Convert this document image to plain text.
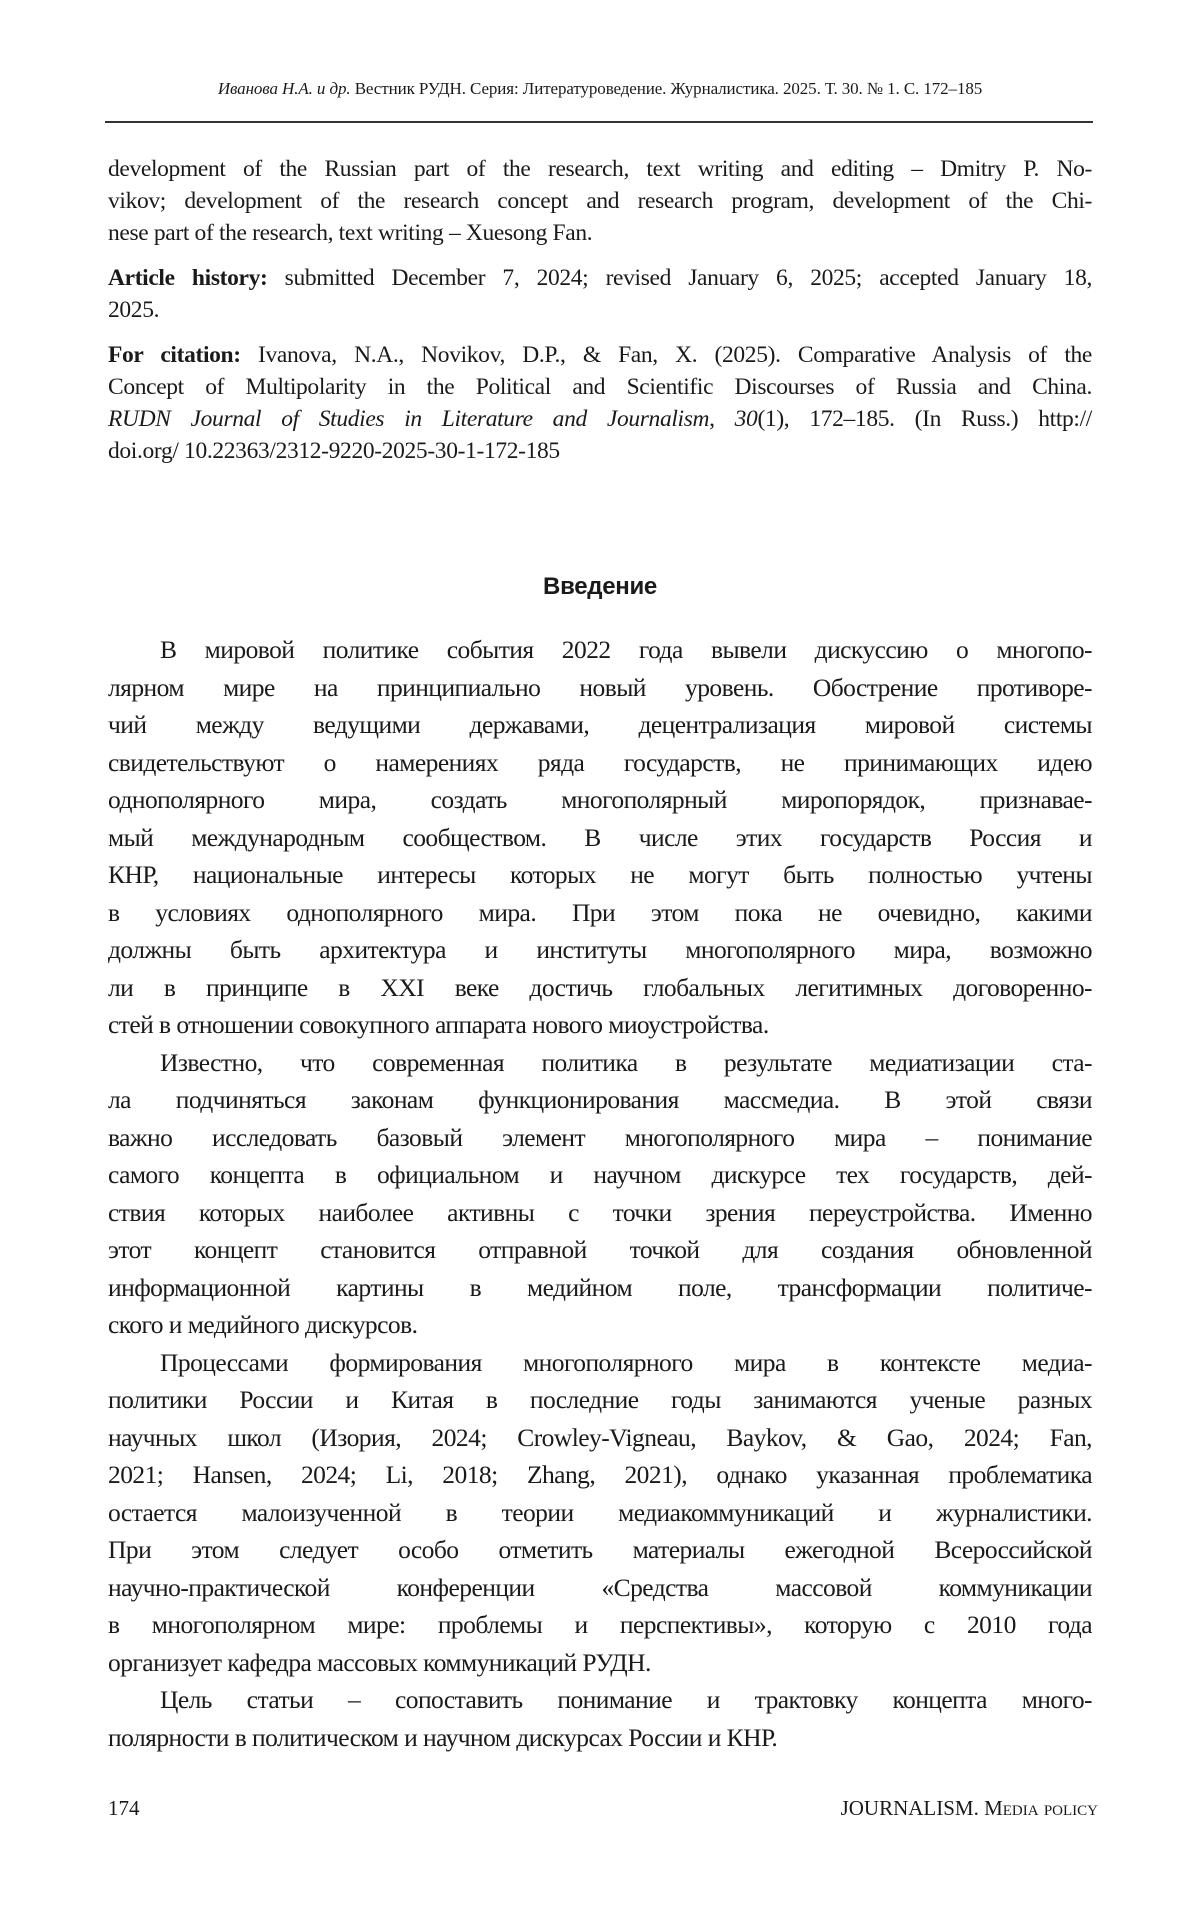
Иванова Н.А. и др. Вестник РУДН. Серия: Литературоведение. Журналистика. 2025. Т. 30. № 1. С. 172–185

development of the Russian part of the research, text writing and editing – Dmitry P. No-
vikov; development of the research concept and research program, development of the Chi-
nese part of the research, text writing – Xuesong Fan.

Article history: submitted December 7, 2024; revised January 6, 2025; accepted January 18,
2025.

For citation: Ivanova, N.A., Novikov, D.P., & Fan, X. (2025). Comparative Analysis of the
Concept of Multipolarity in the Political and Scientific Discourses of Russia and China.
RUDN Journal of Studies in Literature and Journalism, 30(1), 172–185. (In Russ.) http://
doi.org/ 10.22363/2312-9220-2025-30-1-172-185

Введение

В мировой политике события 2022 года вывели дискуссию о многопо-
лярном мире на принципиально новый уровень. Обострение противоре-
чий между ведущими державами, децентрализация мировой системы
свидетельствуют о намерениях ряда государств, не принимающих идею
однополярного мира, создать многополярный миропорядок, признавае-
мый международным сообществом. В числе этих государств Россия и
КНР, национальные интересы которых не могут быть полностью учтены
в условиях однополярного мира. При этом пока не очевидно, какими
должны быть архитектура и институты многополярного мира, возможно
ли в принципе в XXI веке достичь глобальных легитимных договоренно-
стей в отношении совокупного аппарата нового миоустройства.

Известно, что современная политика в результате медиатизации ста-
ла подчиняться законам функционирования массмедиа. В этой связи
важно исследовать базовый элемент многополярного мира – понимание
самого концепта в официальном и научном дискурсе тех государств, дей-
ствия которых наиболее активны с точки зрения переустройства. Именно
этот концепт становится отправной точкой для создания обновленной
информационной картины в медийном поле, трансформации политиче-
ского и медийного дискурсов.

Процессами формирования многополярного мира в контексте медиа-
политики России и Китая в последние годы занимаются ученые разных
научных школ (Изория, 2024; Crowley-Vigneau, Baykov, & Gao, 2024; Fan,
2021; Hansen, 2024; Li, 2018; Zhang, 2021), однако указанная проблематика
остается малоизученной в теории медиакоммуникаций и журналистики.
При этом следует особо отметить материалы ежегодной Всероссийской
научно-практической конференции «Средства массовой коммуникации
в многополярном мире: проблемы и перспективы», которую с 2010 года
организует кафедра массовых коммуникаций РУДН.

Цель статьи – сопоставить понимание и трактовку концепта много-
полярности в политическом и научном дискурсах России и КНР.

174	JOURNALISM. Media policy
